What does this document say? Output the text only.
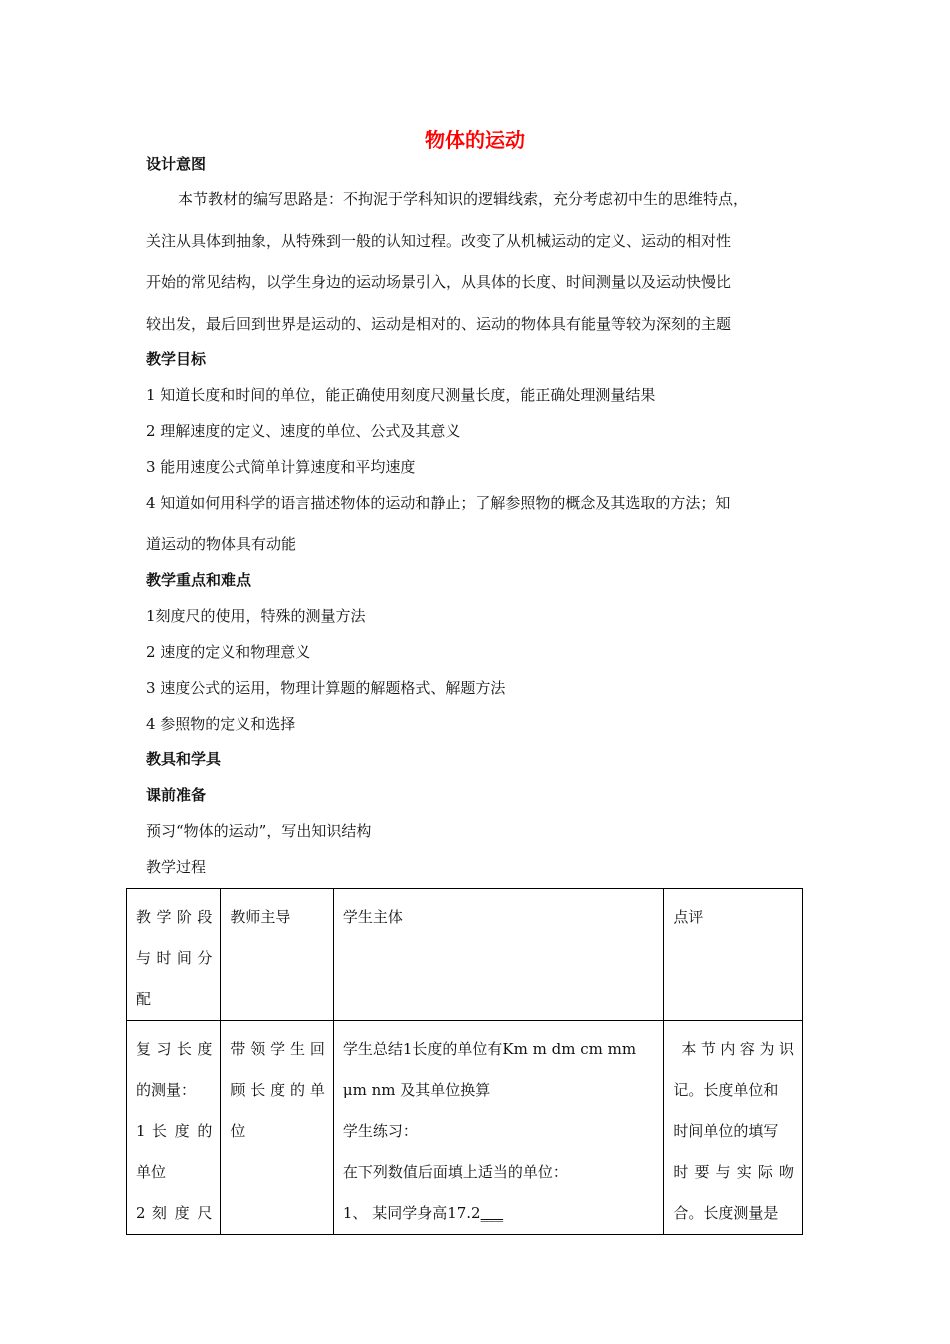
物体的运动
设计意图
本节教材的编写思路是：不拘泥于学科知识的逻辑线索，充分考虑初中生的思维特点，
关注从具体到抽象，从特殊到一般的认知过程。改变了从机械运动的定义、运动的相对性
开始的常见结构，以学生身边的运动场景引入，从具体的长度、时间测量以及运动快慢比
较出发，最后回到世界是运动的、运动是相对的、运动的物体具有能量等较为深刻的主题
教学目标
1 知道长度和时间的单位，能正确使用刻度尺测量长度，能正确处理测量结果
2 理解速度的定义、速度的单位、公式及其意义
3 能用速度公式简单计算速度和平均速度
4 知道如何用科学的语言描述物体的运动和静止；了解参照物的概念及其选取的方法；知
道运动的物体具有动能
教学重点和难点
1刻度尺的使用，特殊的测量方法
2 速度的定义和物理意义
3 速度公式的运用，物理计算题的解题格式、解题方法
4 参照物的定义和选择
教具和学具
课前准备
预习“物体的运动”，写出知识结构
教学过程
教 学 阶 段
与 时 间 分
配	教师主导	学生主体	点评

复习长度
的测量：
1 长 度 的
单位
2 刻 度 尺	带领学生回
顾长度的单
位	学生总结1长度的单位有Km m dm cm mm
μm nm 及其单位换算
学生练习：
在下列数值后面填上适当的单位：
1、 某同学身高17.2___	本节内容为识
记。长度单位和
时间单位的填写
时 要 与 实 际 吻
合。长度测量是
